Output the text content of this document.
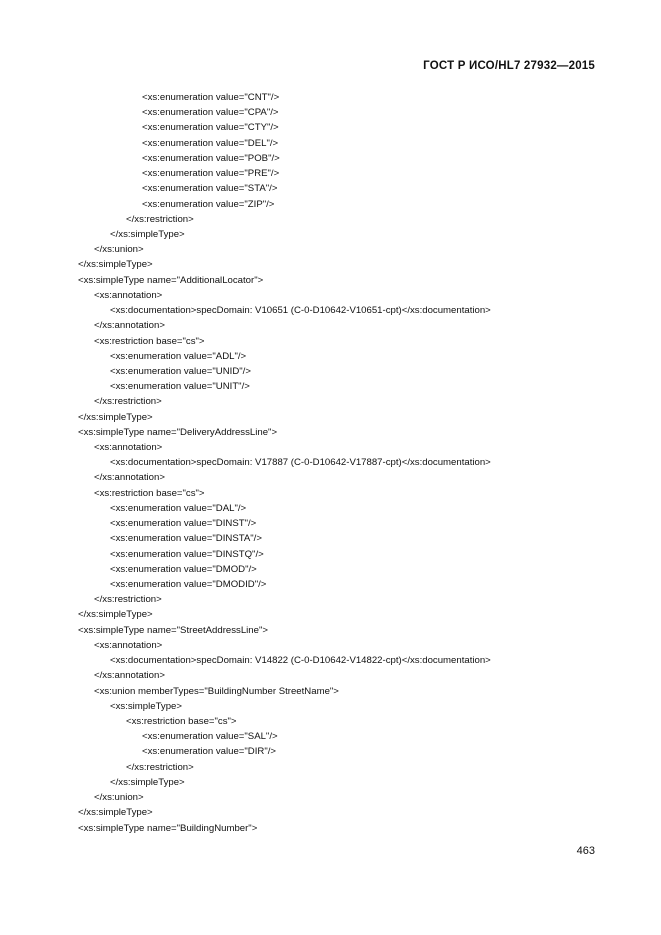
ГОСТ Р ИСО/HL7 27932—2015
<xs:enumeration value="CNT"/>
<xs:enumeration value="CPA"/>
<xs:enumeration value="CTY"/>
<xs:enumeration value="DEL"/>
<xs:enumeration value="POB"/>
<xs:enumeration value="PRE"/>
<xs:enumeration value="STA"/>
<xs:enumeration value="ZIP"/>
</xs:restriction>
</xs:simpleType>
</xs:union>
</xs:simpleType>
<xs:simpleType name="AdditionalLocator">
<xs:annotation>
<xs:documentation>specDomain: V10651 (C-0-D10642-V10651-cpt)</xs:documentation>
</xs:annotation>
<xs:restriction base="cs">
<xs:enumeration value="ADL"/>
<xs:enumeration value="UNID"/>
<xs:enumeration value="UNIT"/>
</xs:restriction>
</xs:simpleType>
<xs:simpleType name="DeliveryAddressLine">
<xs:annotation>
<xs:documentation>specDomain: V17887 (C-0-D10642-V17887-cpt)</xs:documentation>
</xs:annotation>
<xs:restriction base="cs">
<xs:enumeration value="DAL"/>
<xs:enumeration value="DINST"/>
<xs:enumeration value="DINSTA"/>
<xs:enumeration value="DINSTQ"/>
<xs:enumeration value="DMOD"/>
<xs:enumeration value="DMODID"/>
</xs:restriction>
</xs:simpleType>
<xs:simpleType name="StreetAddressLine">
<xs:annotation>
<xs:documentation>specDomain: V14822 (C-0-D10642-V14822-cpt)</xs:documentation>
</xs:annotation>
<xs:union memberTypes="BuildingNumber StreetName">
<xs:simpleType>
<xs:restriction base="cs">
<xs:enumeration value="SAL"/>
<xs:enumeration value="DIR"/>
</xs:restriction>
</xs:simpleType>
</xs:union>
</xs:simpleType>
<xs:simpleType name="BuildingNumber">
463
